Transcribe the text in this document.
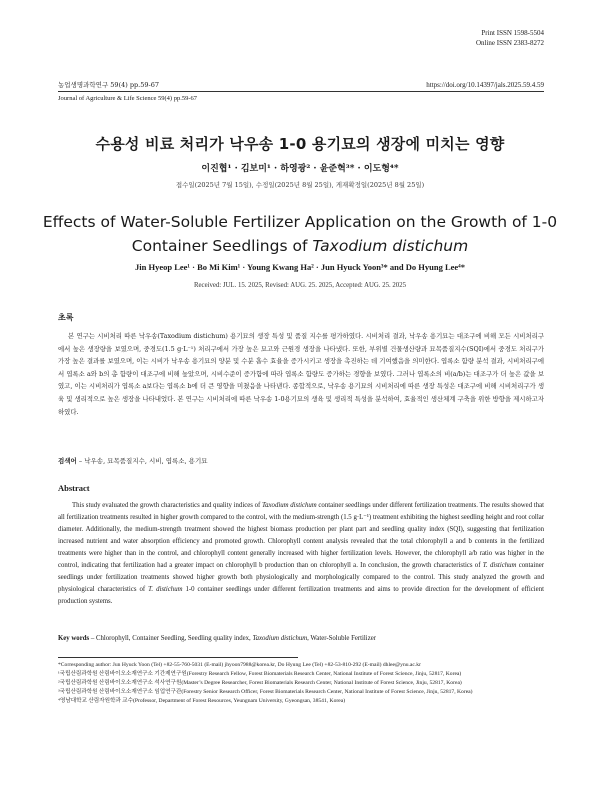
Print ISSN 1598-5504
Online ISSN 2383-8272
농업생명과학연구 59(4) pp.59-67	https://doi.org/10.14397/jals.2025.59.4.59
Journal of Agriculture & Life Science 59(4) pp.59-67
수용성 비료 처리가 낙우송 1-0 용기묘의 생장에 미치는 영향
이진협¹ · 김보미¹ · 하영광² · 윤준혁³* · 이도형⁴*
접수일(2025년 7월 15일), 수정일(2025년 8월 25일), 게재확정일(2025년 8월 25일)
Effects of Water-Soluble Fertilizer Application on the Growth of 1-0
Container Seedlings of Taxodium distichum
Jin Hyeop Lee¹ · Bo Mi Kim¹ · Young Kwang Ha² · Jun Hyuck Yoon³* and Do Hyung Lee⁴*
Received: JUL. 15. 2025, Revised: AUG. 25. 2025, Accepted: AUG. 25. 2025
초록
본 연구는 시비처리 따른 낙우송(Taxodium distichum) 용기묘의 생장 특성 및 품질 지수를 평가하였다. 시비처리 결과, 낙우송 용기묘는 대조구에 비해 모든 시비처리구에서 높은 생장량을 보였으며, 중경도(1.5 g·L⁻¹) 처리구에서 가장 높은 묘고와 근원경 생장을 나타냈다. 또한, 부위별 건물생산량과 묘목품질지수(SQI)에서 중경도 처리구가 가장 높은 결과를 보였으며, 이는 시비가 낙우송 용기묘의 양분 및 수분 흡수 효율을 증가시키고 생장을 촉진하는 데 기여했음을 의미한다. 엽록소 함량 분석 결과, 시비처리구에서 엽록소 a와 b의 총 함량이 대조구에 비해 높았으며, 시비수준이 증가함에 따라 엽록소 함량도 증가하는 경향을 보였다. 그러나 엽록소의 비(a/b)는 대조구가 더 높은 값을 보였고, 이는 시비처리가 엽록소 a보다는 엽록소 b에 더 큰 영향을 미쳤음을 나타낸다. 종합적으로, 낙우송 용기묘의 시비처리에 따른 생장 특성은 대조구에 비해 시비처리구가 생육 및 생리적으로 높은 생장을 나타내었다. 본 연구는 시비처리에 따른 낙우송 1-0용기묘의 생육 및 생리적 특성을 분석하여, 효율적인 생산체계 구축을 위한 방향을 제시하고자 하였다.
검색어 – 낙우송, 묘목품질지수, 시비, 엽록소, 용기묘
Abstract
This study evaluated the growth characteristics and quality indices of Taxodium distichum container seedlings under different fertilization treatments. The results showed that all fertilization treatments resulted in higher growth compared to the control, with the medium-strength (1.5 g·L⁻¹) treatment exhibiting the highest seedling height and root collar diameter. Additionally, the medium-strength treatment showed the highest biomass production per plant part and seedling quality index (SQI), suggesting that fertilization increased nutrient and water absorption efficiency and promoted growth. Chlorophyll content analysis revealed that the total chlorophyll a and b contents in the fertilized treatments were higher than in the control, and chlorophyll content generally increased with higher fertilization levels. However, the chlorophyll a/b ratio was higher in the control, indicating that fertilization had a greater impact on chlorophyll b production than on chlorophyll a. In conclusion, the growth characteristics of T. distichum container seedlings under fertilization treatments showed higher growth both physiologically and morphologically compared to the control. This study analyzed the growth and physiological characteristics of T. distichum 1-0 container seedlings under different fertilization treatments and aims to provide direction for the development of efficient production systems.
Key words – Chlorophyll, Container Seedling, Seedling quality index, Taxodium distichum, Water-Soluble Fertilizer
*Corresponding author: Jun Hyuck Yoon (Tel) +82-55-760-5031 (E-mail) jhyoon7988@korea.kr, Do Hyung Lee (Tel) +82-53-810-292 (E-mail) dhlee@ynu.ac.kr
¹국립산림과학원 산림바이오소재연구소 기간제연구원(Forestry Research Fellow, Forest Biomaterials Research Center, National Institute of Forest Science, Jinju, 52817, Korea)
²국립산림과학원 산림바이오소재연구소 석사연구원(Master’s Degree Researcher, Forest Biomaterials Research Center, National Institute of Forest Science, Jinju, 52817, Korea)
³국립산림과학원 산림바이오소재연구소 임업연구관(Forestry Senior Research Officer, Forest Biomaterials Research Center, National Institute of Forest Science, Jinju, 52817, Korea)
⁴영남대학교 산림자원학과 교수(Professor, Department of Forest Resources, Yeungnam University, Gyeongsan, 38541, Korea)
